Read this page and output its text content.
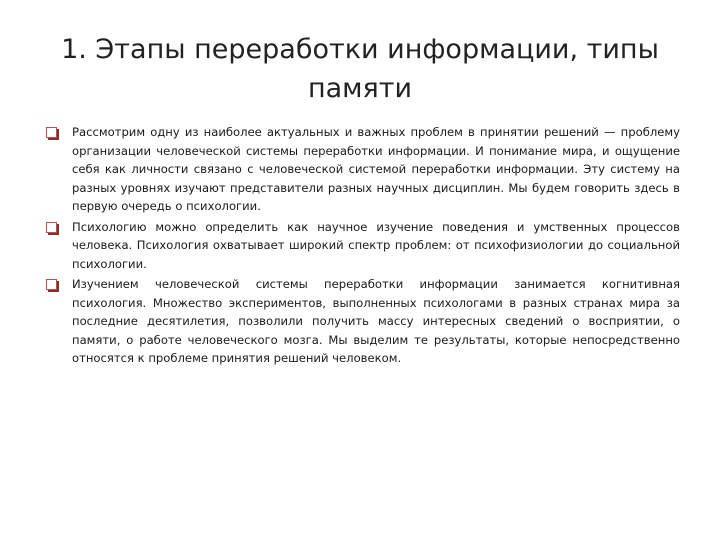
1. Этапы переработки информации, типы памяти
Рассмотрим одну из наиболее актуальных и важных проблем в принятии решений — проблему организации человеческой системы переработки информации. И понимание мира, и ощущение себя как личности связано с человеческой системой переработки информации. Эту систему на разных уровнях изучают представители разных научных дисциплин. Мы будем говорить здесь в первую очередь о психологии.
Психологию можно определить как научное изучение поведения и умственных процессов человека. Психология охватывает широкий спектр проблем: от психофизиологии до социальной психологии.
Изучением человеческой системы переработки информации занимается когнитивная психология. Множество экспериментов, выполненных психологами в разных странах мира за последние десятилетия, позволили получить массу интересных сведений о восприятии, о памяти, о работе человеческого мозга. Мы выделим те результаты, которые непосредственно относятся к проблеме принятия решений человеком.
